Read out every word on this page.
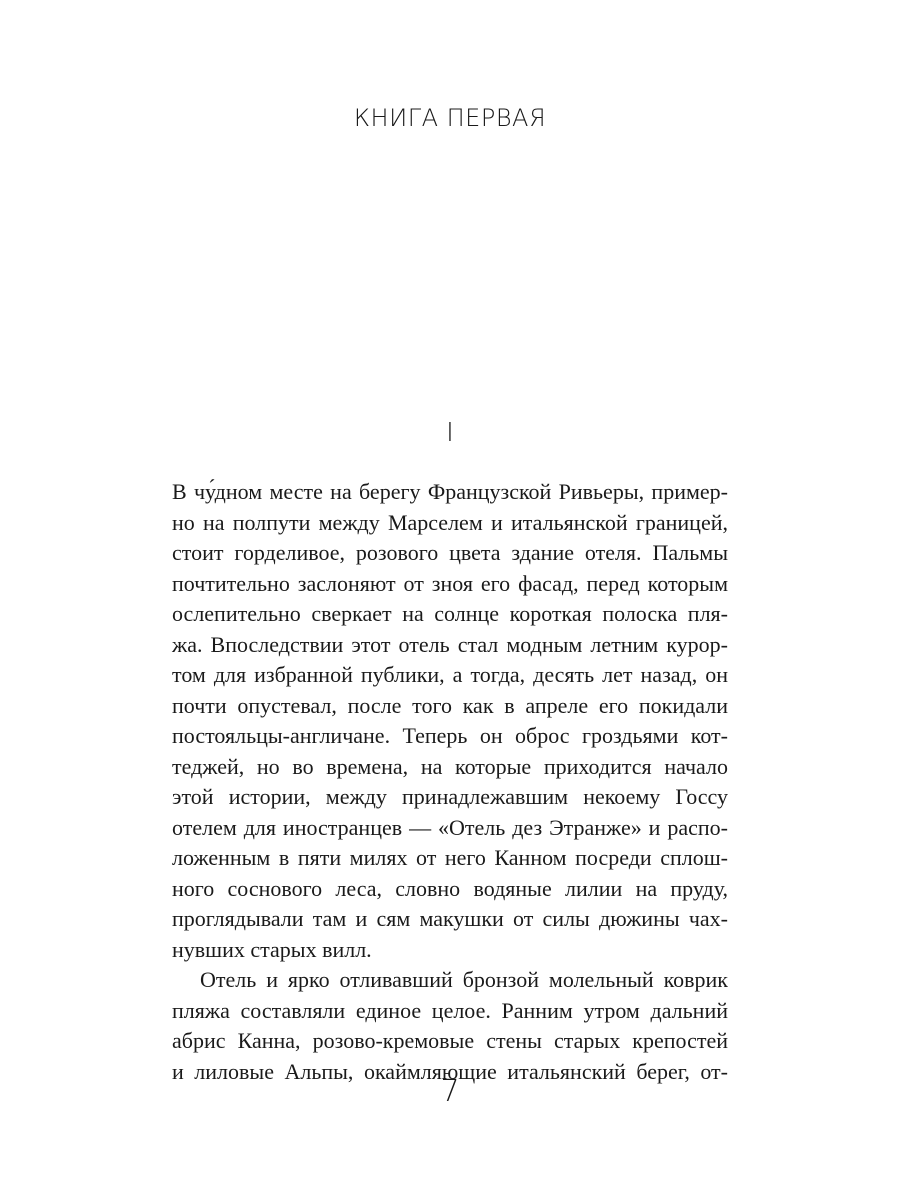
КНИГА ПЕРВАЯ
I
В чу́дном месте на берегу Французской Ривьеры, пример-
но на полпути между Марселем и итальянской границей,
стоит горделивое, розового цвета здание отеля. Пальмы
почтительно заслоняют от зноя его фасад, перед которым
ослепительно сверкает на солнце короткая полоска пля-
жа. Впоследствии этот отель стал модным летним курор-
том для избранной публики, а тогда, десять лет назад, он
почти опустевал, после того как в апреле его покидали
постояльцы-англичане. Теперь он оброс гроздьями кот-
теджей, но во времена, на которые приходится начало
этой истории, между принадлежавшим некоему Госсу
отелем для иностранцев — «Отель дез Этранже» и распо-
ложенным в пяти милях от него Канном посреди сплош-
ного соснового леса, словно водяные лилии на пруду,
проглядывали там и сям макушки от силы дюжины чах-
нувших старых вилл.
Отель и ярко отливавший бронзой молельный коврик
пляжа составляли единое целое. Ранним утром дальний
абрис Канна, розово-кремовые стены старых крепостей
и лиловые Альпы, окаймляющие итальянский берег, от-
7
